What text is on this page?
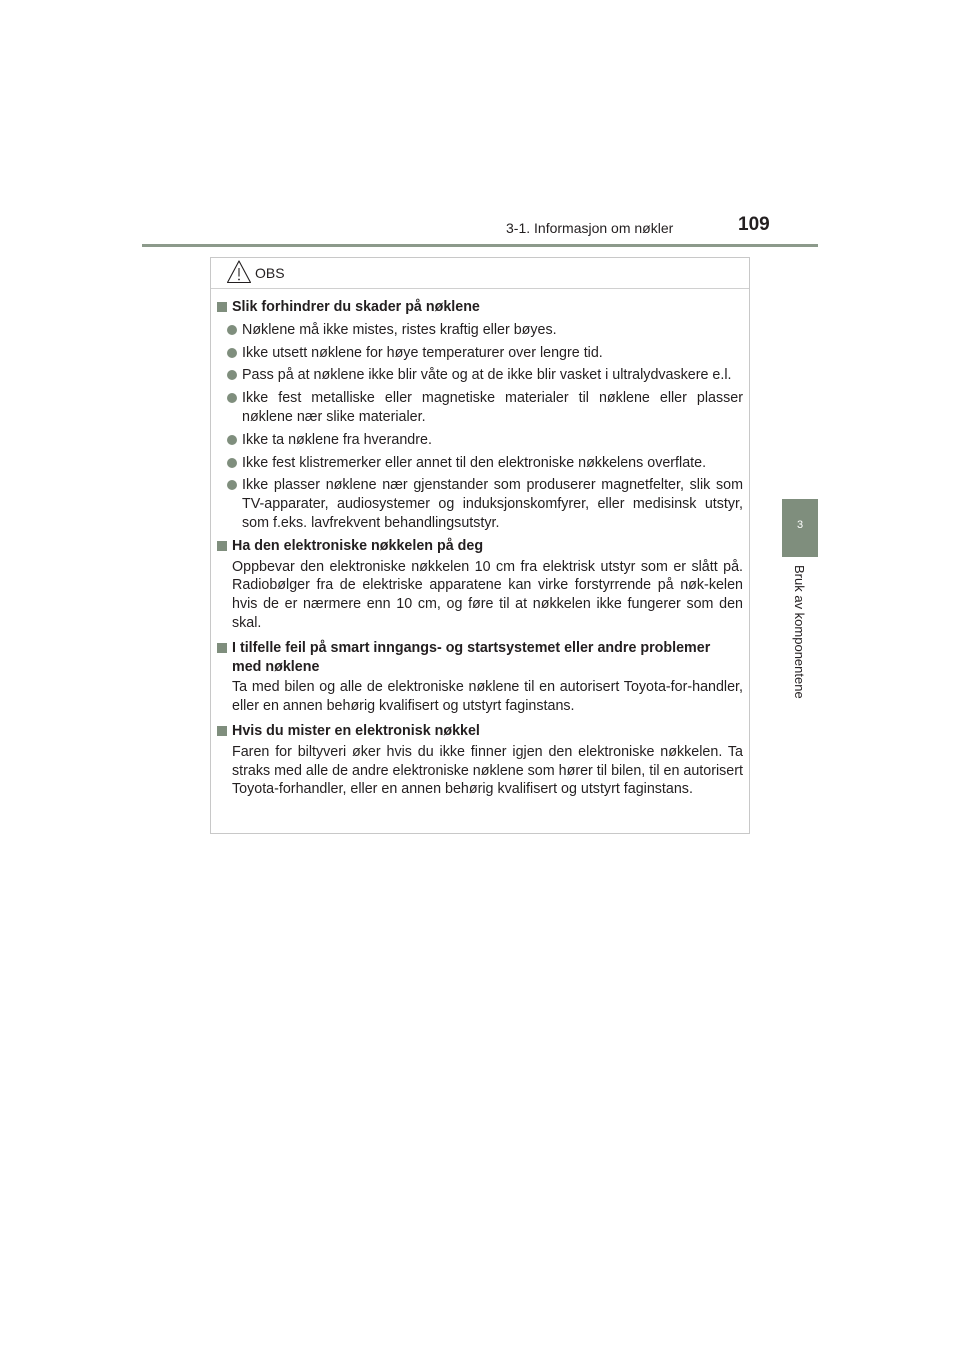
3-1. Informasjon om nøkler	109
3
Bruk av komponentene
OBS
Slik forhindrer du skader på nøklene
Nøklene må ikke mistes, ristes kraftig eller bøyes.
Ikke utsett nøklene for høye temperaturer over lengre tid.
Pass på at nøklene ikke blir våte og at de ikke blir vasket i ultralydvaskere e.l.
Ikke fest metalliske eller magnetiske materialer til nøklene eller plasser nøklene nær slike materialer.
Ikke ta nøklene fra hverandre.
Ikke fest klistremerker eller annet til den elektroniske nøkkelens overflate.
Ikke plasser nøklene nær gjenstander som produserer magnetfelter, slik som TV-apparater, audiosystemer og induksjonskomfyrer, eller medisinsk utstyr, som f.eks. lavfrekvent behandlingsutstyr.
Ha den elektroniske nøkkelen på deg
Oppbevar den elektroniske nøkkelen 10 cm fra elektrisk utstyr som er slått på. Radiobølger fra de elektriske apparatene kan virke forstyrrende på nøk-kelen hvis de er nærmere enn 10 cm, og føre til at nøkkelen ikke fungerer som den skal.
I tilfelle feil på smart inngangs- og startsystemet eller andre problemer med nøklene
Ta med bilen og alle de elektroniske nøklene til en autorisert Toyota-for-handler, eller en annen behørig kvalifisert og utstyrt faginstans.
Hvis du mister en elektronisk nøkkel
Faren for biltyveri øker hvis du ikke finner igjen den elektroniske nøkkelen. Ta straks med alle de andre elektroniske nøklene som hører til bilen, til en autorisert Toyota-forhandler, eller en annen behørig kvalifisert og utstyrt faginstans.
